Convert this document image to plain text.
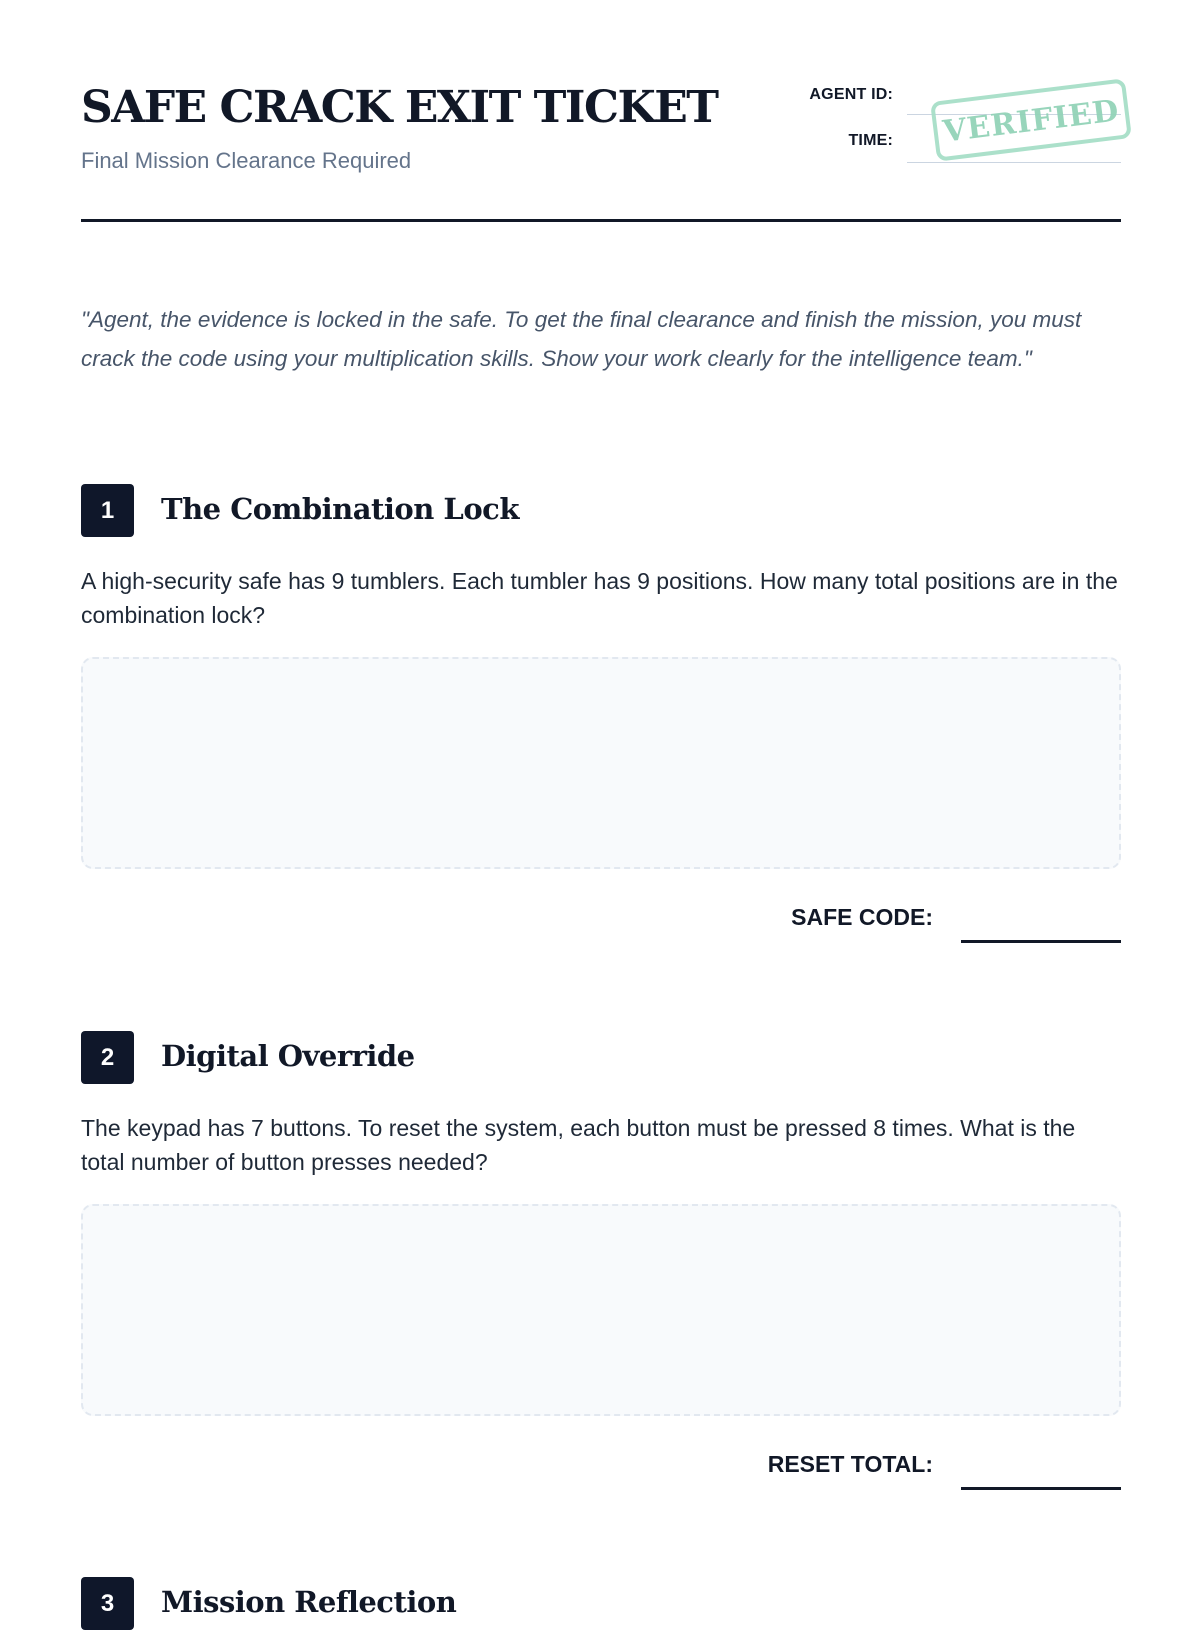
SAFE CRACK EXIT TICKET

Final Mission Clearance Required

AGENT ID:
TIME:	VERIFIED

"Agent, the evidence is locked in the safe. To get the final clearance and finish the mission, you must crack the code using your multiplication skills. Show your work clearly for the intelligence team."

1	The Combination Lock

A high-security safe has 9 tumblers. Each tumbler has 9 positions. How many total positions are in the combination lock?

SAFE CODE:
2	Digital Override

The keypad has 7 buttons. To reset the system, each button must be pressed 8 times. What is the total number of button presses needed?

RESET TOTAL:
3	Mission Reflection
